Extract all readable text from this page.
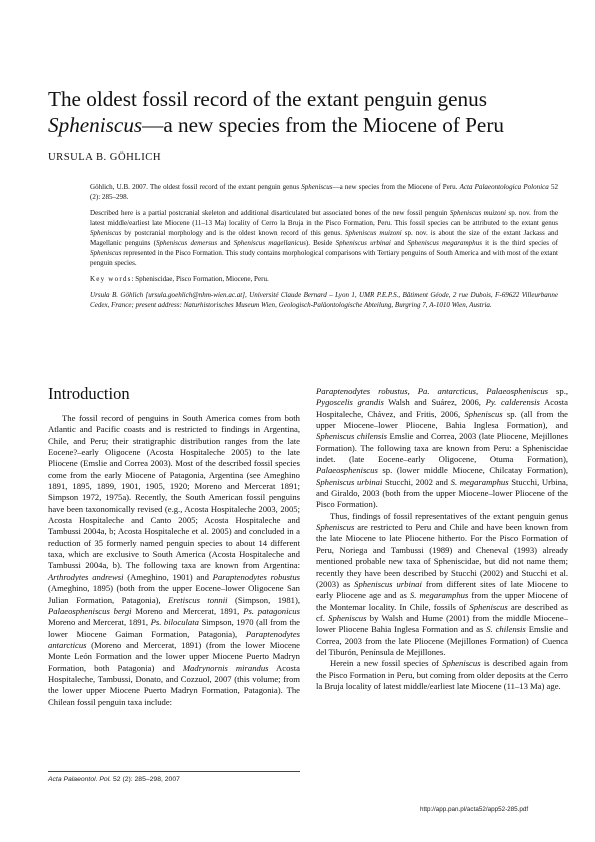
The oldest fossil record of the extant penguin genus
Spheniscus—a new species from the Miocene of Peru
URSULA B. GÖHLICH

Göhlich, U.B. 2007. The oldest fossil record of the extant penguin genus Spheniscus—a new species from the Miocene of Peru. Acta Palaeontologica Polonica 52 (2): 285–298.

Described here is a partial postcranial skeleton and additional disarticulated but associated bones of the new fossil penguin Spheniscus muizoni sp. nov. from the latest middle/earliest late Miocene (11–13 Ma) locality of Cerro la Bruja in the Pisco Formation, Peru. This fossil species can be attributed to the extant genus Spheniscus by postcranial morphology and is the oldest known record of this genus. Spheniscus muizoni sp. nov. is about the size of the extant Jackass and Magellanic penguins (Spheniscus demersus and Spheniscus magellanicus). Beside Spheniscus urbinai and Spheniscus megaramphus it is the third species of Spheniscus represented in the Pisco Formation. This study contains morphological comparisons with Tertiary penguins of South America and with most of the extant penguin species.

Key words: Spheniscidae, Pisco Formation, Miocene, Peru.

Ursula B. Göhlich [ursula.goehlich@nhm-wien.ac.at], Université Claude Bernard – Lyon 1, UMR P.E.P.S., Bâtiment Géode, 2 rue Dubois, F-69622 Villeurbanne Cedex, France; present address: Naturhistorisches Museum Wien, Geologisch-Paläontologische Abteilung, Burgring 7, A-1010 Wien, Austria.

Introduction

The fossil record of penguins in South America comes from both Atlantic and Pacific coasts and is restricted to findings in Argentina, Chile, and Peru; their stratigraphic distribution ranges from the late Eocene?–early Oligocene (Acosta Hospitaleche 2005) to the late Pliocene (Emslie and Correa 2003). Most of the described fossil species come from the early Miocene of Patagonia, Argentina (see Ameghino 1891, 1895, 1899, 1901, 1905, 1920; Moreno and Mercerat 1891; Simpson 1972, 1975a). Recently, the South American fossil penguins have been taxonomically revised (e.g., Acosta Hospitaleche 2003, 2005; Acosta Hospitaleche and Canto 2005; Acosta Hospitaleche and Tambussi 2004a, b; Acosta Hospitaleche et al. 2005) and concluded in a reduction of 35 formerly named penguin species to about 14 different taxa, which are exclusive to South America (Acosta Hospitaleche and Tambussi 2004a, b). The following taxa are known from Argentina: Arthrodytes andrewsi (Ameghino, 1901) and Paraptenodytes robustus (Ameghino, 1895) (both from the upper Eocene–lower Oligocene San Julian Formation, Patagonia), Eretiscus tonnii (Simpson, 1981), Palaeospheniscus bergi Moreno and Mercerat, 1891, Ps. patagonicus Moreno and Mercerat, 1891, Ps. biloculata Simpson, 1970 (all from the lower Miocene Gaiman Formation, Patagonia), Paraptenodytes antarcticus (Moreno and Mercerat, 1891) (from the lower Miocene Monte León Formation and the lower upper Miocene Puerto Madryn Formation, both Patagonia) and Madrynornis mirandus Acosta Hospitaleche, Tambussi, Donato, and Cozzuol, 2007 (this volume; from the lower upper Miocene Puerto Madryn Formation, Patagonia). The Chilean fossil penguin taxa include:

Paraptenodytes robustus, Pa. antarcticus, Palaeospheniscus sp., Pygoscelis grandis Walsh and Suárez, 2006, Py. calderensis Acosta Hospitaleche, Chávez, and Fritis, 2006, Spheniscus sp. (all from the upper Miocene–lower Pliocene, Bahia Inglesa Formation), and Spheniscus chilensis Emslie and Correa, 2003 (late Pliocene, Mejillones Formation). The following taxa are known from Peru: a Spheniscidae indet. (late Eocene–early Oligocene, Otuma Formation), Palaeospheniscus sp. (lower middle Miocene, Chilcatay Formation), Spheniscus urbinai Stucchi, 2002 and S. megaramphus Stucchi, Urbina, and Giraldo, 2003 (both from the upper Miocene–lower Pliocene of the Pisco Formation).

Thus, findings of fossil representatives of the extant penguin genus Spheniscus are restricted to Peru and Chile and have been known from the late Miocene to late Pliocene hitherto. For the Pisco Formation of Peru, Noriega and Tambussi (1989) and Cheneval (1993) already mentioned probable new taxa of Spheniscidae, but did not name them; recently they have been described by Stucchi (2002) and Stucchi et al. (2003) as Spheniscus urbinai from different sites of late Miocene to early Pliocene age and as S. megaramphus from the upper Miocene of the Montemar locality. In Chile, fossils of Spheniscus are described as cf. Spheniscus by Walsh and Hume (2001) from the middle Miocene–lower Pliocene Bahia Inglesa Formation and as S. chilensis Emslie and Correa, 2003 from the late Pliocene (Mejillones Formation) of Cuenca del Tiburón, Península de Mejillones.

Herein a new fossil species of Spheniscus is described again from the Pisco Formation in Peru, but coming from older deposits at the Cerro la Bruja locality of latest middle/earliest late Miocene (11–13 Ma) age.

Acta Palaeontol. Pol. 52 (2): 285–298, 2007
http://app.pan.pl/acta52/app52-285.pdf
